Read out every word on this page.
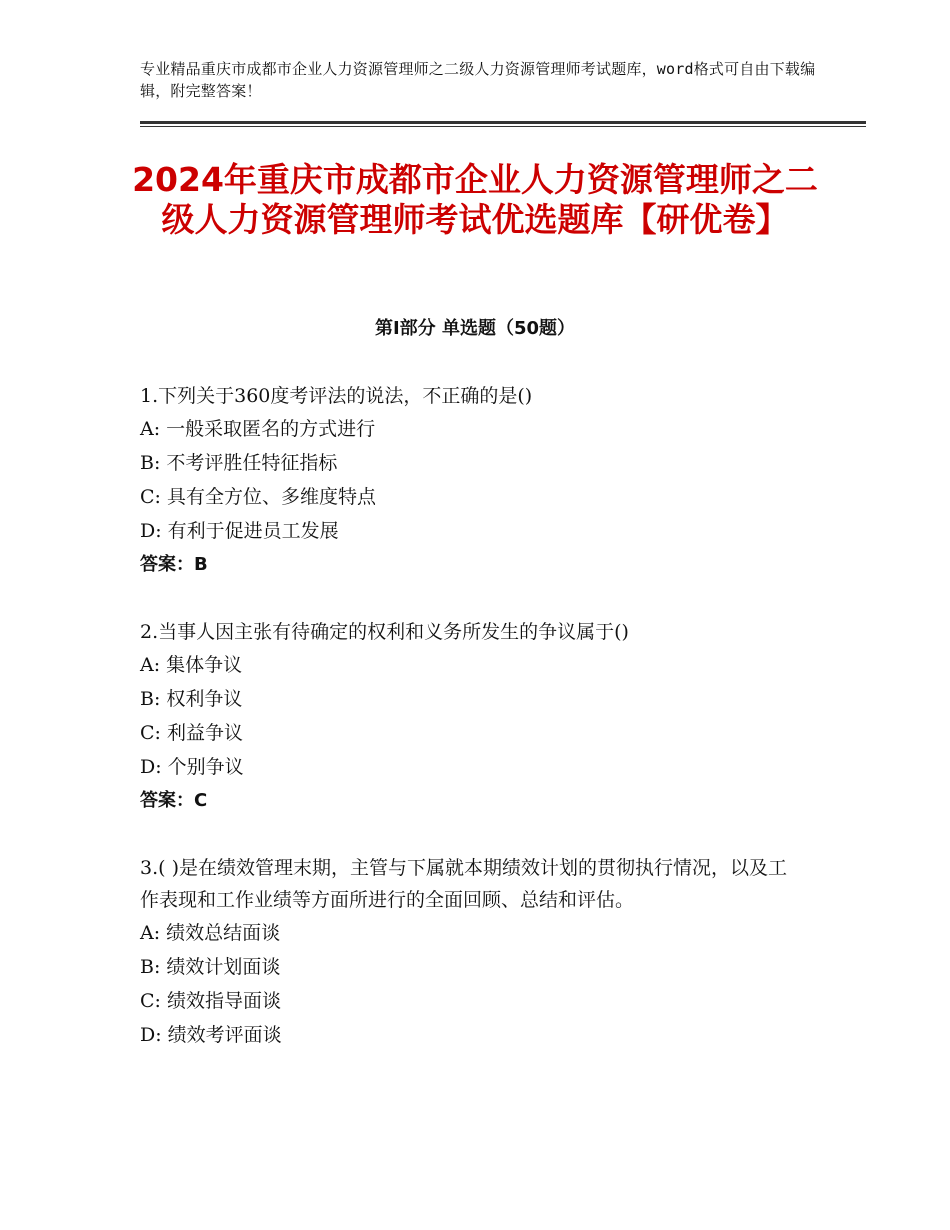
专业精品重庆市成都市企业人力资源管理师之二级人力资源管理师考试题库，word格式可自由下载编辑，附完整答案！
2024年重庆市成都市企业人力资源管理师之二级人力资源管理师考试优选题库【研优卷】
第Ⅰ部分 单选题（50题）

1.下列关于360度考评法的说法，不正确的是()

A: 一般采取匿名的方式进行

B: 不考评胜任特征指标

C: 具有全方位、多维度特点

D: 有利于促进员工发展

答案：B

2.当事人因主张有待确定的权利和义务所发生的争议属于()

A: 集体争议

B: 权利争议

C: 利益争议

D: 个别争议

答案：C

3.( )是在绩效管理末期，主管与下属就本期绩效计划的贯彻执行情况，以及工作表现和工作业绩等方面所进行的全面回顾、总结和评估。

A: 绩效总结面谈

B: 绩效计划面谈

C: 绩效指导面谈

D: 绩效考评面谈
